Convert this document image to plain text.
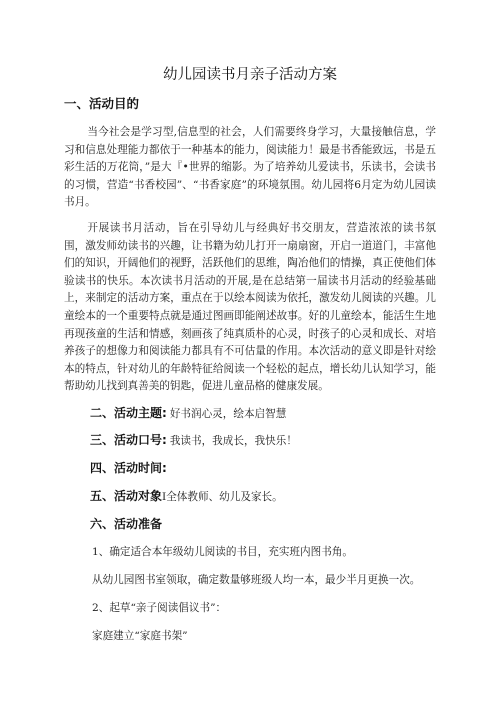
幼儿园读书月亲子活动方案
一、活动目的
当今社会是学习型,信息型的社会，人们需要终身学习，大量接触信息，学习和信息处理能力都依于一种基本的能力，阅读能力！最是书香能致远，书是五彩生活的万花筒，”是大『•世界的缩影。为了培养幼儿爱读书，乐读书，会读书的习惯，营造“书香校园”、“书香家庭”的环境氛围。幼儿园将6月定为幼儿园读书月。
开展读书月活动，旨在引导幼儿与经典好书交朋友，营造浓浓的读书氛围，激发师幼读书的兴趣，让书籍为幼儿打开一扇扇窗，开启一道道门，丰富他们的知识，开阔他们的视野，活跃他们的思维，陶冶他们的情操，真正使他们体验读书的快乐。本次读书月活动的开展,是在总结第一届读书月活动的经验基础上，来制定的活动方案，重点在于以绘本阅读为依托，激发幼儿阅读的兴趣。儿童绘本的一个重要特点就是通过图画即能阐述故事。好的儿童绘本，能活生生地再现孩童的生活和情感，刻画孩了纯真质朴的心灵，时孩子的心灵和成长、对培养孩子的想像力和阅读能力都具有不可估量的作用。本次活动的意义即是针对绘本的特点，针对幼儿的年龄特征给阅读一个轻松的起点，增长幼儿认知学习，能帮助幼儿找到真善美的钥匙，促进儿童品格的健康发展。
二、活动主题: 好书润心灵，绘本启智慧
三、活动口号: 我读书，我成长，我快乐！
四、活动时间:
五、活动对象I全体教师、幼儿及家长。
六、活动准备
1、确定适合本年级幼儿阅读的书目，充实班内图书角。
从幼儿园图书室领取，确定数量够班级人均一本，最少半月更换一次。
2、起草“亲子阅读倡议书”：
家庭建立“家庭书架”
